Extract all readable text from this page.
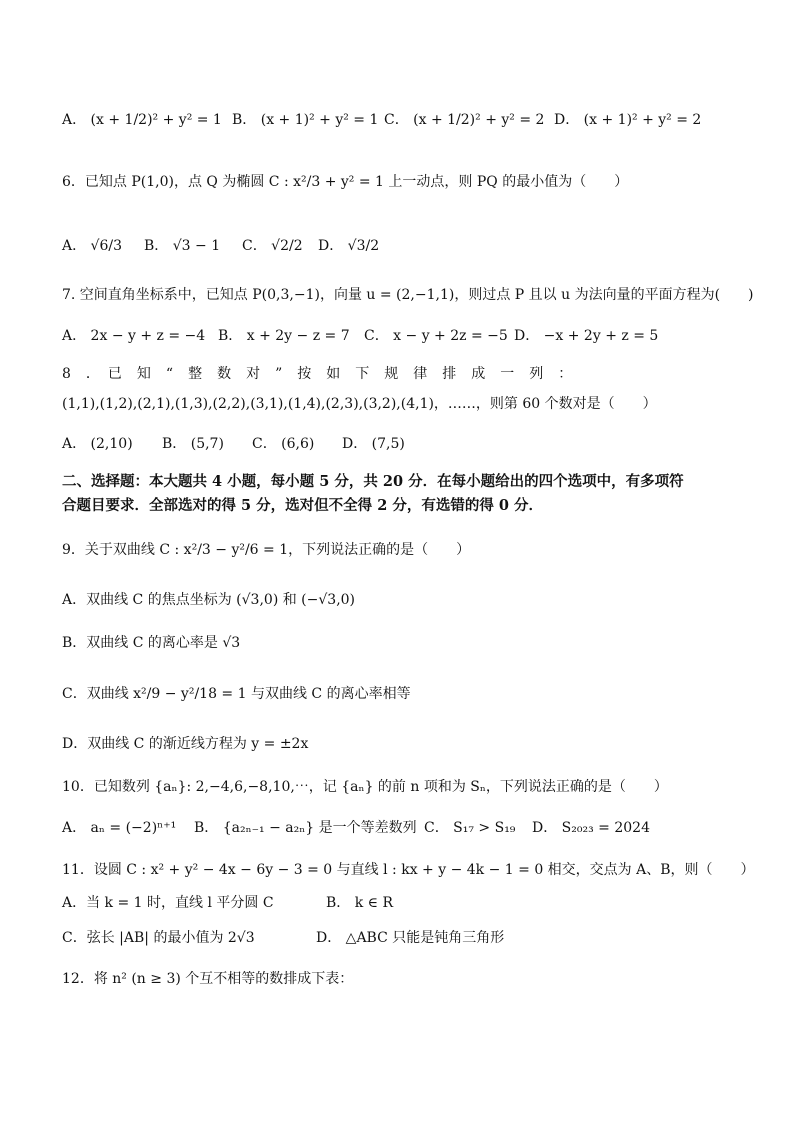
A． (x + 1/2)² + y² = 1 B． (x + 1)² + y² = 1 C． (x + 1/2)² + y² = 2 D． (x + 1)² + y² = 2
6．已知点 P(1,0)，点 Q 为椭圆 C : x²/3 + y² = 1 上一动点，则 PQ 的最小值为（　　）
A． √6/3 B． √3 − 1 C． √2/2 D． √3/2
7. 空间直角坐标系中，已知点 P(0,3,−1)，向量 u = (2,−1,1)，则过点 P 且以 u 为法向量的平面方程为(　　)
A． 2x − y + z = −4 B． x + 2y − z = 7 C． x − y + 2z = −5 D． −x + 2y + z = 5
8　．　已　知　“　整　数　对　”　按　如　下　规　律　排　成　一　列　：
(1,1),(1,2),(2,1),(1,3),(2,2),(3,1),(1,4),(2,3),(3,2),(4,1)，……，则第 60 个数对是（　　）
A． (2,10) B． (5,7) C． (6,6) D． (7,5)
二、选择题：本大题共 4 小题，每小题 5 分，共 20 分．在每小题给出的四个选项中，有多项符
合题目要求．全部选对的得 5 分，选对但不全得 2 分，有选错的得 0 分．
9．关于双曲线 C : x²/3 − y²/6 = 1，下列说法正确的是（　　）
A．双曲线 C 的焦点坐标为 (√3,0) 和 (−√3,0)
B．双曲线 C 的离心率是 √3
C．双曲线 x²/9 − y²/18 = 1 与双曲线 C 的离心率相等
D．双曲线 C 的渐近线方程为 y = ±2x
10．已知数列 {aₙ}: 2,−4,6,−8,10,⋯，记 {aₙ} 的前 n 项和为 Sₙ，下列说法正确的是（　　）
A． aₙ = (−2)ⁿ⁺¹ B． {a₂ₙ₋₁ − a₂ₙ} 是一个等差数列 C． S₁₇ > S₁₉ D． S₂₀₂₃ = 2024
11．设圆 C : x² + y² − 4x − 6y − 3 = 0 与直线 l : kx + y − 4k − 1 = 0 相交，交点为 A、B，则（　　）
A．当 k = 1 时，直线 l 平分圆 C	B． k ∈ R
C．弦长 |AB| 的最小值为 2√3	D． △ABC 只能是钝角三角形
12．将 n² (n ≥ 3) 个互不相等的数排成下表：
